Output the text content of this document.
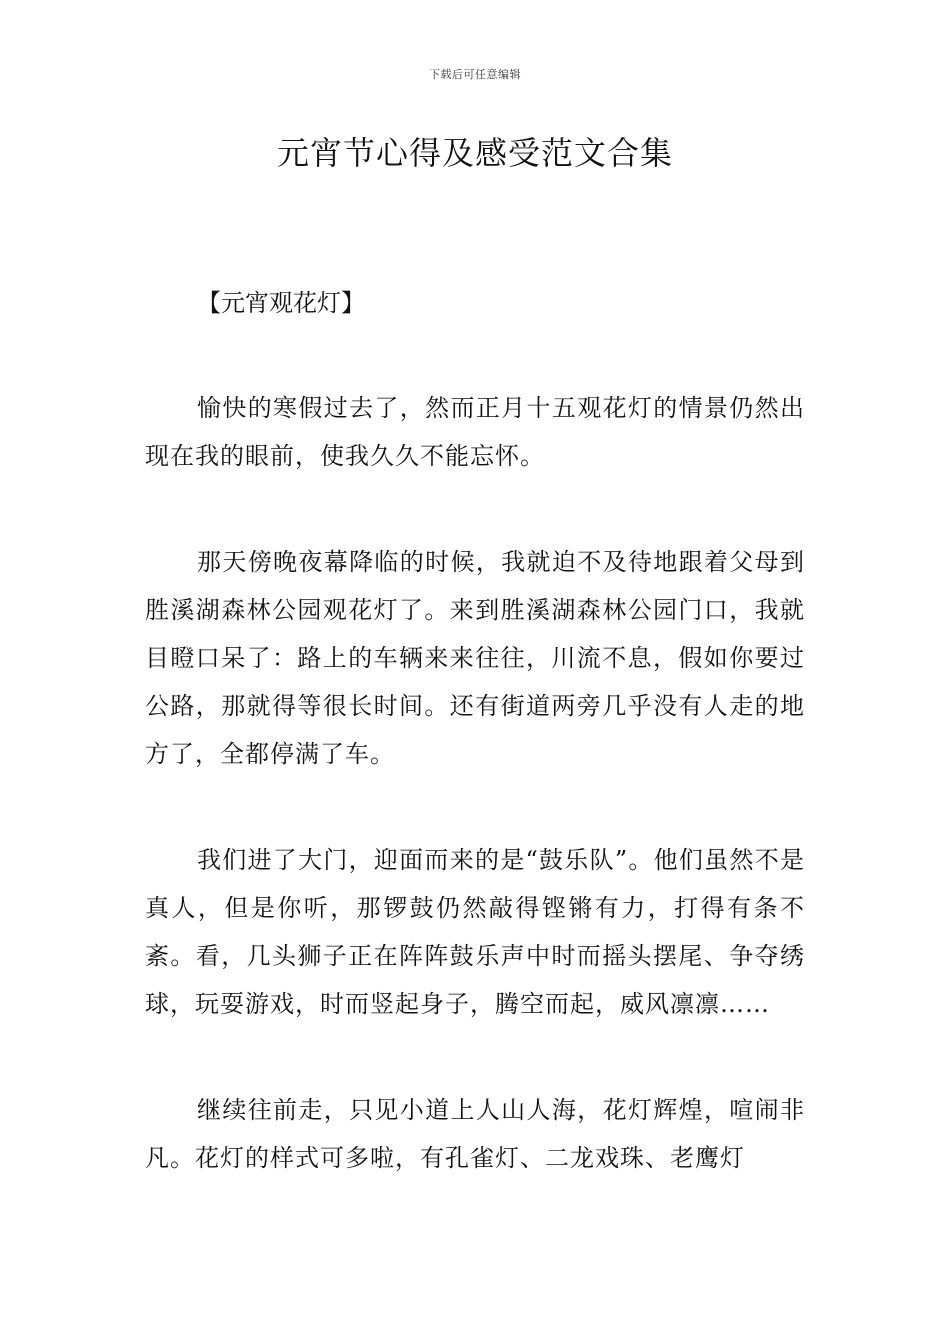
下载后可任意编辑
元宵节心得及感受范文合集

【元宵观花灯】

愉快的寒假过去了，然而正月十五观花灯的情景仍然出现在我的眼前，使我久久不能忘怀。

那天傍晚夜幕降临的时候，我就迫不及待地跟着父母到胜溪湖森林公园观花灯了。来到胜溪湖森林公园门口，我就目瞪口呆了：路上的车辆来来往往，川流不息，假如你要过公路，那就得等很长时间。还有街道两旁几乎没有人走的地方了，全都停满了车。

我们进了大门，迎面而来的是“鼓乐队”。他们虽然不是真人，但是你听，那锣鼓仍然敲得铿锵有力，打得有条不紊。看，几头狮子正在阵阵鼓乐声中时而摇头摆尾、争夺绣球，玩耍游戏，时而竖起身子，腾空而起，威风凛凛……

继续往前走，只见小道上人山人海，花灯辉煌，喧闹非凡。花灯的样式可多啦，有孔雀灯、二龙戏珠、老鹰灯
